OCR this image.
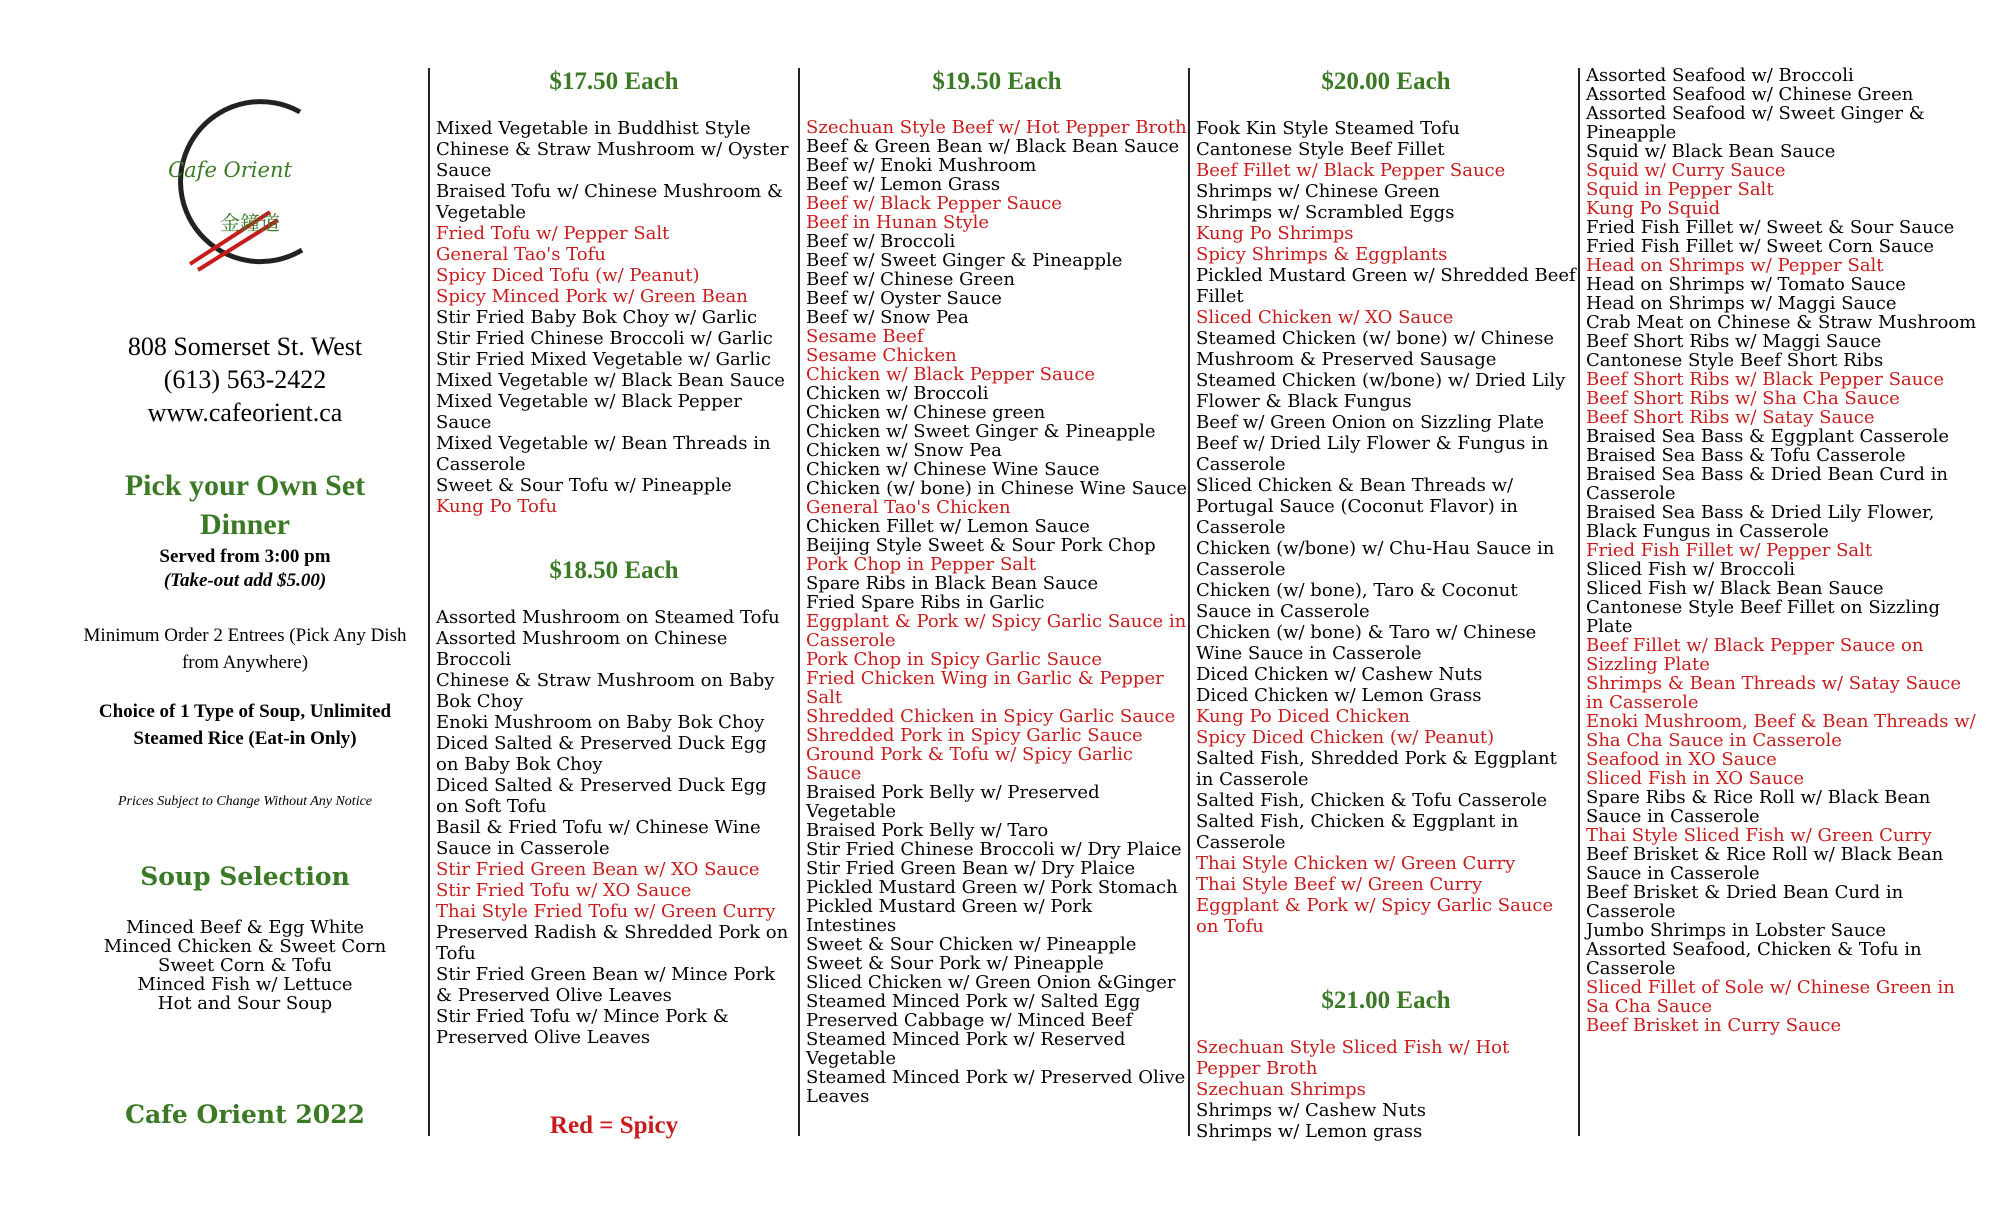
Cafe Orient
金鐘道
808 Somerset St. West
(613) 563-2422
www.cafeorient.ca
Pick your Own Set Dinner
Served from 3:00 pm
(Take-out add $5.00)
Minimum Order 2 Entrees (Pick Any Dish from Anywhere)
Choice of 1 Type of Soup, Unlimited Steamed Rice (Eat-in Only)
Prices Subject to Change Without Any Notice
Soup Selection
Minced Beef & Egg White
Minced Chicken & Sweet Corn
Sweet Corn & Tofu
Minced Fish w/ Lettuce
Hot and Sour Soup
Cafe Orient 2022
$17.50 Each
Mixed Vegetable in Buddhist Style
Chinese & Straw Mushroom w/ Oyster Sauce
Braised Tofu w/ Chinese Mushroom & Vegetable
Fried Tofu w/ Pepper Salt
General Tao's Tofu
Spicy Diced Tofu (w/ Peanut)
Spicy Minced Pork w/ Green Bean
Stir Fried Baby Bok Choy w/ Garlic
Stir Fried Chinese Broccoli w/ Garlic
Stir Fried Mixed Vegetable w/ Garlic
Mixed Vegetable w/ Black Bean Sauce
Mixed Vegetable w/ Black Pepper Sauce
Mixed Vegetable w/ Bean Threads in Casserole
Sweet & Sour Tofu w/ Pineapple
Kung Po Tofu
$18.50 Each
Assorted Mushroom on Steamed Tofu
Assorted Mushroom on Chinese Broccoli
Chinese & Straw Mushroom on Baby Bok Choy
Enoki Mushroom on Baby Bok Choy
Diced Salted & Preserved Duck Egg on Baby Bok Choy
Diced Salted & Preserved Duck Egg on Soft Tofu
Basil & Fried Tofu w/ Chinese Wine Sauce in Casserole
Stir Fried Green Bean w/ XO Sauce
Stir Fried Tofu w/ XO Sauce
Thai Style Fried Tofu w/ Green Curry
Preserved Radish & Shredded Pork on Tofu
Stir Fried Green Bean w/ Mince Pork & Preserved Olive Leaves
Stir Fried Tofu w/ Mince Pork & Preserved Olive Leaves
Red = Spicy
$19.50 Each
Szechuan Style Beef w/ Hot Pepper Broth
Beef & Green Bean w/ Black Bean Sauce
Beef w/ Enoki Mushroom
Beef w/ Lemon Grass
Beef w/ Black Pepper Sauce
Beef in Hunan Style
Beef w/ Broccoli
Beef w/ Sweet Ginger & Pineapple
Beef w/ Chinese Green
Beef w/ Oyster Sauce
Beef w/ Snow Pea
Sesame Beef
Sesame Chicken
Chicken w/ Black Pepper Sauce
Chicken w/ Broccoli
Chicken w/ Chinese green
Chicken w/ Sweet Ginger & Pineapple
Chicken w/ Snow Pea
Chicken w/ Chinese Wine Sauce
Chicken (w/ bone) in Chinese Wine Sauce
General Tao's Chicken
Chicken Fillet w/ Lemon Sauce
Beijing Style Sweet & Sour Pork Chop
Pork Chop in Pepper Salt
Spare Ribs in Black Bean Sauce
Fried Spare Ribs in Garlic
Eggplant & Pork w/ Spicy Garlic Sauce in Casserole
Pork Chop in Spicy Garlic Sauce
Fried Chicken Wing in Garlic & Pepper Salt
Shredded Chicken in Spicy Garlic Sauce
Shredded Pork in Spicy Garlic Sauce
Ground Pork & Tofu w/ Spicy Garlic Sauce
Braised Pork Belly w/ Preserved Vegetable
Braised Pork Belly w/ Taro
Stir Fried Chinese Broccoli w/ Dry Plaice
Stir Fried Green Bean w/ Dry Plaice
Pickled Mustard Green w/ Pork Stomach
Pickled Mustard Green w/ Pork Intestines
Sweet & Sour Chicken w/ Pineapple
Sweet & Sour Pork w/ Pineapple
Sliced Chicken w/ Green Onion &Ginger
Steamed Minced Pork w/ Salted Egg
Preserved Cabbage w/ Minced Beef
Steamed Minced Pork w/ Reserved Vegetable
Steamed Minced Pork w/ Preserved Olive Leaves
$20.00 Each
Fook Kin Style Steamed Tofu
Cantonese Style Beef Fillet
Beef Fillet w/ Black Pepper Sauce
Shrimps w/ Chinese Green
Shrimps w/ Scrambled Eggs
Kung Po Shrimps
Spicy Shrimps & Eggplants
Pickled Mustard Green w/ Shredded Beef Fillet
Sliced Chicken w/ XO Sauce
Steamed Chicken (w/ bone) w/ Chinese Mushroom & Preserved Sausage
Steamed Chicken (w/bone) w/ Dried Lily Flower & Black Fungus
Beef w/ Green Onion on Sizzling Plate
Beef w/ Dried Lily Flower & Fungus in Casserole
Sliced Chicken & Bean Threads w/ Portugal Sauce (Coconut Flavor) in Casserole
Chicken (w/bone) w/ Chu-Hau Sauce in Casserole
Chicken (w/ bone), Taro & Coconut Sauce in Casserole
Chicken (w/ bone) & Taro w/ Chinese Wine Sauce in Casserole
Diced Chicken w/ Cashew Nuts
Diced Chicken w/ Lemon Grass
Kung Po Diced Chicken
Spicy Diced Chicken (w/ Peanut)
Salted Fish, Shredded Pork & Eggplant in Casserole
Salted Fish, Chicken & Tofu Casserole
Salted Fish, Chicken & Eggplant in Casserole
Thai Style Chicken w/ Green Curry
Thai Style Beef w/ Green Curry
Eggplant & Pork w/ Spicy Garlic Sauce on Tofu
$21.00 Each
Szechuan Style Sliced Fish w/ Hot Pepper Broth
Szechuan Shrimps
Shrimps w/ Cashew Nuts
Shrimps w/ Lemon grass
Assorted Seafood w/ Broccoli
Assorted Seafood w/ Chinese Green
Assorted Seafood w/ Sweet Ginger & Pineapple
Squid w/ Black Bean Sauce
Squid w/ Curry Sauce
Squid in Pepper Salt
Kung Po Squid
Fried Fish Fillet w/ Sweet & Sour Sauce
Fried Fish Fillet w/ Sweet Corn Sauce
Head on Shrimps w/ Pepper Salt
Head on Shrimps w/ Tomato Sauce
Head on Shrimps w/ Maggi Sauce
Crab Meat on Chinese & Straw Mushroom
Beef Short Ribs w/ Maggi Sauce
Cantonese Style Beef Short Ribs
Beef Short Ribs w/ Black Pepper Sauce
Beef Short Ribs w/ Sha Cha Sauce
Beef Short Ribs w/ Satay Sauce
Braised Sea Bass & Eggplant Casserole
Braised Sea Bass & Tofu Casserole
Braised Sea Bass & Dried Bean Curd in Casserole
Braised Sea Bass & Dried Lily Flower, Black Fungus in Casserole
Fried Fish Fillet w/ Pepper Salt
Sliced Fish w/ Broccoli
Sliced Fish w/ Black Bean Sauce
Cantonese Style Beef Fillet on Sizzling Plate
Beef Fillet w/ Black Pepper Sauce on Sizzling Plate
Shrimps & Bean Threads w/ Satay Sauce in Casserole
Enoki Mushroom, Beef & Bean Threads w/ Sha Cha Sauce in Casserole
Seafood in XO Sauce
Sliced Fish in XO Sauce
Spare Ribs & Rice Roll w/ Black Bean Sauce in Casserole
Thai Style Sliced Fish w/ Green Curry
Beef Brisket & Rice Roll w/ Black Bean Sauce in Casserole
Beef Brisket & Dried Bean Curd in Casserole
Jumbo Shrimps in Lobster Sauce
Assorted Seafood, Chicken & Tofu in Casserole
Sliced Fillet of Sole w/ Chinese Green in Sa Cha Sauce
Beef Brisket in Curry Sauce
